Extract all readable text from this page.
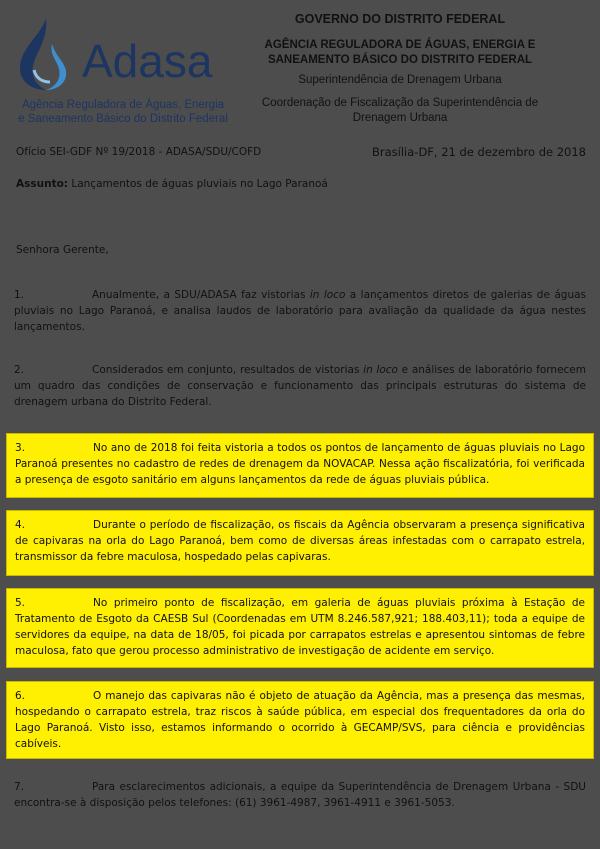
Adasa
Agência Reguladora de Águas, Energia
e Saneamento Básico do Distrito Federal
GOVERNO DO DISTRITO FEDERAL
AGÊNCIA REGULADORA DE ÁGUAS, ENERGIA E
SANEAMENTO BÁSICO DO DISTRITO FEDERAL
Superintendência de Drenagem Urbana
Coordenação de Fiscalização da Superintendência de
Drenagem Urbana
Ofício SEI-GDF Nº 19/2018 - ADASA/SDU/COFD	Brasília-DF, 21 de dezembro de 2018
Assunto: Lançamentos de águas pluviais no Lago Paranoá
Senhora Gerente,
1.	Anualmente, a SDU/ADASA faz vistorias in loco a lançamentos diretos de galerias de águas pluviais no Lago Paranoá, e analisa laudos de laboratório para avaliação da qualidade da água nestes lançamentos.
2.	Considerados em conjunto, resultados de vistorias in loco e análises de laboratório fornecem um quadro das condições de conservação e funcionamento das principais estruturas do sistema de drenagem urbana do Distrito Federal.
3.	No ano de 2018 foi feita vistoria a todos os pontos de lançamento de águas pluviais no Lago Paranoá presentes no cadastro de redes de drenagem da NOVACAP. Nessa ação fiscalizatória, foi verificada a presença de esgoto sanitário em alguns lançamentos da rede de águas pluviais pública.
4.	Durante o período de fiscalização, os fiscais da Agência observaram a presença significativa de capivaras na orla do Lago Paranoá, bem como de diversas áreas infestadas com o carrapato estrela, transmissor da febre maculosa, hospedado pelas capivaras.
5.	No primeiro ponto de fiscalização, em galeria de águas pluviais próxima à Estação de Tratamento de Esgoto da CAESB Sul (Coordenadas em UTM 8.246.587,921; 188.403,11); toda a equipe de servidores da equipe, na data de 18/05, foi picada por carrapatos estrelas e apresentou sintomas de febre maculosa, fato que gerou processo administrativo de investigação de acidente em serviço.
6.	O manejo das capivaras não é objeto de atuação da Agência, mas a presença das mesmas, hospedando o carrapato estrela, traz riscos à saúde pública, em especial dos frequentadores da orla do Lago Paranoá. Visto isso, estamos informando o ocorrido à GECAMP/SVS, para ciência e providências cabíveis.
7.	Para esclarecimentos adicionais, a equipe da Superintendência de Drenagem Urbana - SDU encontra-se à disposição pelos telefones: (61) 3961-4987, 3961-4911 e 3961-5053.
